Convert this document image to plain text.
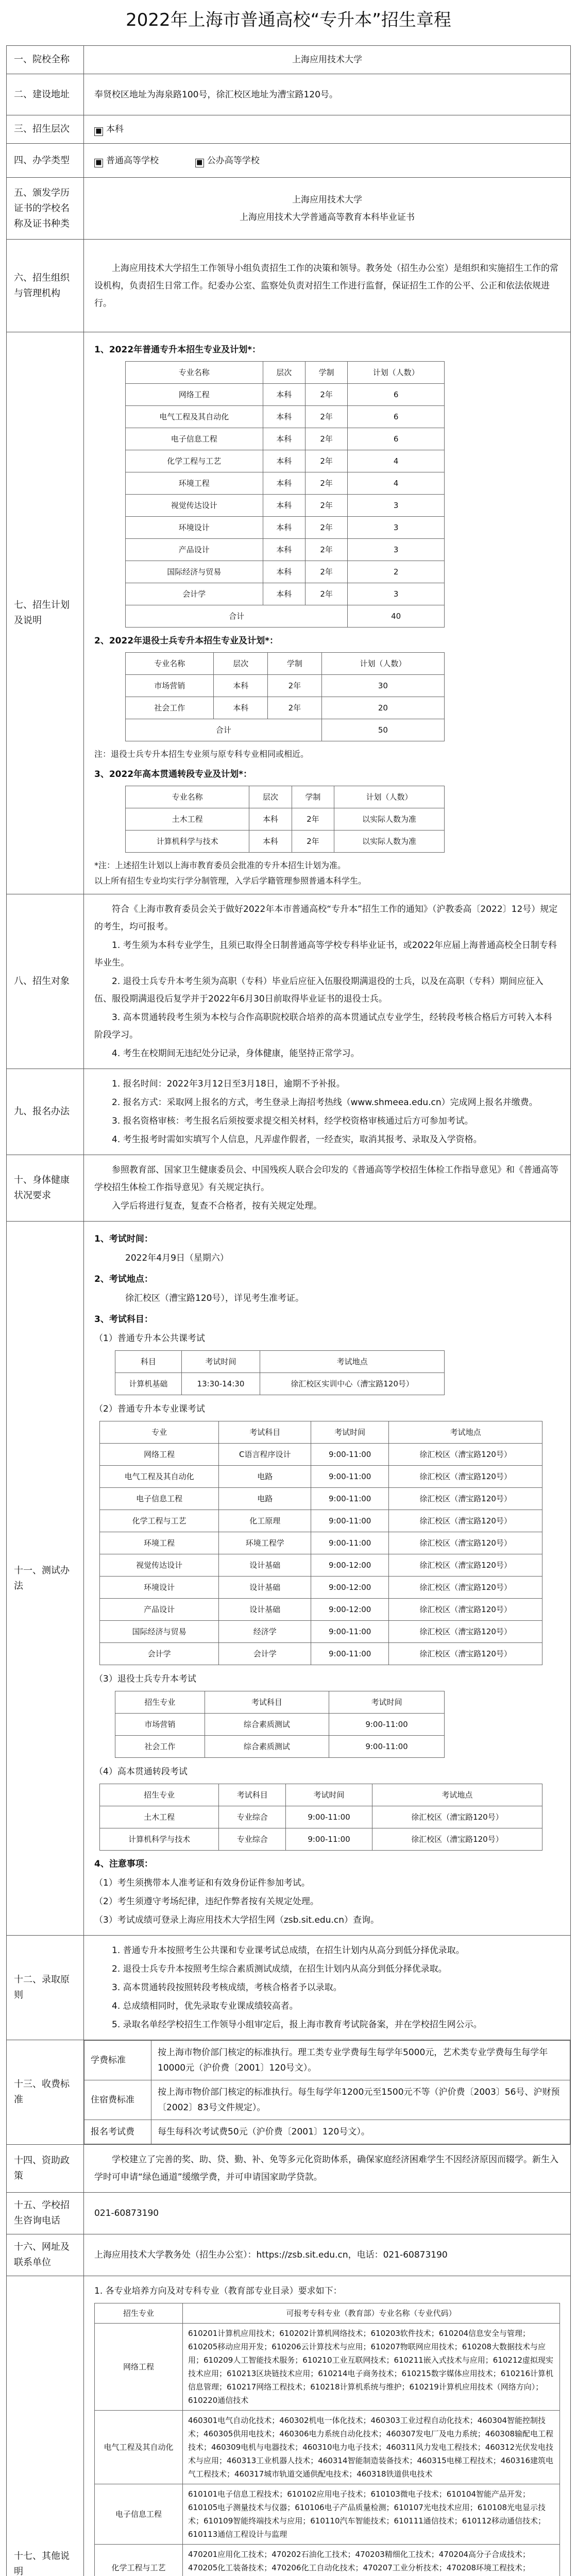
2022年上海市普通高校“专升本”招生章程
一、院校全称	上海应用技术大学
二、建设地址	奉贤校区地址为海泉路100号，徐汇校区地址为漕宝路120号。
三、招生层次	■ 本科
四、办学类型	■ 普通高等学校	■ 公办高等学校
五、颁发学历证书的学校名称及证书种类	
上海应用技术大学
上海应用技术大学普通高等教育本科毕业证书

六、招生组织与管理机构	

上海应用技术大学招生工作领导小组负责招生工作的决策和领导。教务处（招生办公室）是组织和实施招生工作的常设机构，负责招生日常工作。纪委办公室、监察处负责对招生工作进行监督，保证招生工作的公平、公正和依法依规进行。

七、招生计划及说明	
1、2022年普通专升本招生专业及计划*：
专业名称	层次	学制	计划（人数）
网络工程	本科	2年	6
电气工程及其自动化	本科	2年	6
电子信息工程	本科	2年	6
化学工程与工艺	本科	2年	4
环境工程	本科	2年	4
视觉传达设计	本科	2年	3
环境设计	本科	2年	3
产品设计	本科	2年	3
国际经济与贸易	本科	2年	2
会计学	本科	2年	3
合计	40
2、2022年退役士兵专升本招生专业及计划*：
专业名称	层次	学制	计划（人数）
市场营销	本科	2年	30
社会工作	本科	2年	20
合计	50
注：退役士兵专升本招生专业须与原专科专业相同或相近。
3、2022年高本贯通转段专业及计划*：
专业名称	层次	学制	计划（人数）
土木工程	本科	2年	以实际人数为准
计算机科学与技术	本科	2年	以实际人数为准
*注：上述招生计划以上海市教育委员会批准的专升本招生计划为准。
以上所有招生专业均实行学分制管理，入学后学籍管理参照普通本科学生。

八、招生对象	

符合《上海市教育委员会关于做好2022年本市普通高校“专升本”招生工作的通知》（沪教委高〔2022〕12号）规定的考生，均可报考。

1. 考生须为本科专业学生，且须已取得全日制普通高等学校专科毕业证书，或2022年应届上海普通高校全日制专科毕业生。

2. 退役士兵专升本考生须为高职（专科）毕业后应征入伍服役期满退役的士兵，以及在高职（专科）期间应征入伍、服役期满退役后复学并于2022年6月30日前取得毕业证书的退役士兵。

3. 高本贯通转段考生须为本校与合作高职院校联合培养的高本贯通试点专业学生，经转段考核合格后方可转入本科阶段学习。

4. 考生在校期间无违纪处分记录，身体健康，能坚持正常学习。

九、报名办法	

1. 报名时间：2022年3月12日至3月18日，逾期不予补报。

2. 报名方式：采取网上报名的方式，考生登录上海招考热线（www.shmeea.edu.cn）完成网上报名并缴费。

3. 报名资格审核：考生报名后须按要求提交相关材料，经学校资格审核通过后方可参加考试。

4. 考生报考时需如实填写个人信息，凡弄虚作假者，一经查实，取消其报考、录取及入学资格。

十、身体健康状况要求	

参照教育部、国家卫生健康委员会、中国残疾人联合会印发的《普通高等学校招生体检工作指导意见》和《普通高等学校招生体检工作指导意见》有关规定执行。

入学后将进行复查，复查不合格者，按有关规定处理。

十一、测试办法	
1、考试时间：
2022年4月9日（星期六）
2、考试地点：
徐汇校区（漕宝路120号），详见考生准考证。
3、考试科目：
（1）普通专升本公共课考试
科目	考试时间	考试地点
计算机基础	13:30-14:30	徐汇校区实训中心（漕宝路120号）
（2）普通专升本专业课考试
专业	考试科目	考试时间	考试地点
网络工程	C语言程序设计	9:00-11:00	徐汇校区（漕宝路120号）
电气工程及其自动化	电路	9:00-11:00	徐汇校区（漕宝路120号）
电子信息工程	电路	9:00-11:00	徐汇校区（漕宝路120号）
化学工程与工艺	化工原理	9:00-11:00	徐汇校区（漕宝路120号）
环境工程	环境工程学	9:00-11:00	徐汇校区（漕宝路120号）
视觉传达设计	设计基础	9:00-12:00	徐汇校区（漕宝路120号）
环境设计	设计基础	9:00-12:00	徐汇校区（漕宝路120号）
产品设计	设计基础	9:00-12:00	徐汇校区（漕宝路120号）
国际经济与贸易	经济学	9:00-11:00	徐汇校区（漕宝路120号）
会计学	会计学	9:00-11:00	徐汇校区（漕宝路120号）
（3）退役士兵专升本考试
招生专业	考试科目	考试时间
市场营销	综合素质测试	9:00-11:00
社会工作	综合素质测试	9:00-11:00
（4）高本贯通转段考试
招生专业	考试科目	考试时间	考试地点
土木工程	专业综合	9:00-11:00	徐汇校区（漕宝路120号）
计算机科学与技术	专业综合	9:00-11:00	徐汇校区（漕宝路120号）
4、注意事项：
（1）考生须携带本人准考证和有效身份证件参加考试。
（2）考生须遵守考场纪律，违纪作弊者按有关规定处理。
（3）考试成绩可登录上海应用技术大学招生网（zsb.sit.edu.cn）查询。

十二、录取原则	

1. 普通专升本按照考生公共课和专业课考试总成绩，在招生计划内从高分到低分择优录取。

2. 退役士兵专升本按照考生综合素质测试成绩，在招生计划内从高分到低分择优录取。

3. 高本贯通转段按照转段考核成绩，考核合格者予以录取。

4. 总成绩相同时，优先录取专业课成绩较高者。

5. 录取名单经学校招生工作领导小组审定后，报上海市教育考试院备案，并在学校招生网公示。

十三、收费标准	
学费标准	按上海市物价部门核定的标准执行。理工类专业学费每生每学年5000元，艺术类专业学费每生每学年10000元（沪价费〔2001〕120号文）。
住宿费标准	按上海市物价部门核定的标准执行。每生每学年1200元至1500元不等（沪价费〔2003〕56号、沪财预〔2002〕83号文件规定）。
报名考试费	每生每科次考试费50元（沪价费〔2001〕120号文）。

十四、资助政策	

学校建立了完善的奖、助、贷、勤、补、免等多元化资助体系，确保家庭经济困难学生不因经济原因而辍学。新生入学时可申请“绿色通道”缓缴学费，并可申请国家助学贷款。

十五、学校招生咨询电话	021-60873190
十六、网址及联系单位	上海应用技术大学教务处（招生办公室）：https://zsb.sit.edu.cn，电话：021-60873190
十七、其他说明	
1. 各专业培养方向及对专科专业（教育部专业目录）要求如下：
招生专业	可报考专科专业（教育部）专业名称（专业代码）
网络工程	610201计算机应用技术；610202计算机网络技术；610203软件技术；610204信息安全与管理；610205移动应用开发；610206云计算技术与应用；610207物联网应用技术；610208大数据技术与应用；610209人工智能技术服务；610210工业互联网技术；610211嵌入式技术与应用；610212虚拟现实技术应用；610213区块链技术应用；610214电子商务技术；610215数字媒体应用技术；610216计算机信息管理；610217网络工程技术；610218计算机系统与维护；610219计算机应用技术（网络方向）；610220通信技术
电气工程及其自动化	460301电气自动化技术；460302机电一体化技术；460303工业过程自动化技术；460304智能控制技术；460305供用电技术；460306电力系统自动化技术；460307发电厂及电力系统；460308输配电工程技术；460309电机与电器技术；460310电力电子技术；460311风力发电工程技术；460312光伏发电技术与应用；460313工业机器人技术；460314智能制造装备技术；460315电梯工程技术；460316建筑电气工程技术；460317城市轨道交通供配电技术；460318铁道供电技术
电子信息工程	610101电子信息工程技术；610102应用电子技术；610103微电子技术；610104智能产品开发；610105电子测量技术与仪器；610106电子产品质量检测；610107光电技术应用；610108光电显示技术；610109智能终端技术与应用；610110汽车智能技术；610111通信技术；610112移动通信技术；610113通信工程设计与监理
化学工程与工艺	470201应用化工技术；470202石油化工技术；470203精细化工技术；470204高分子合成技术；470205化工装备技术；470206化工自动化技术；470207工业分析技术；470208环境工程技术；
